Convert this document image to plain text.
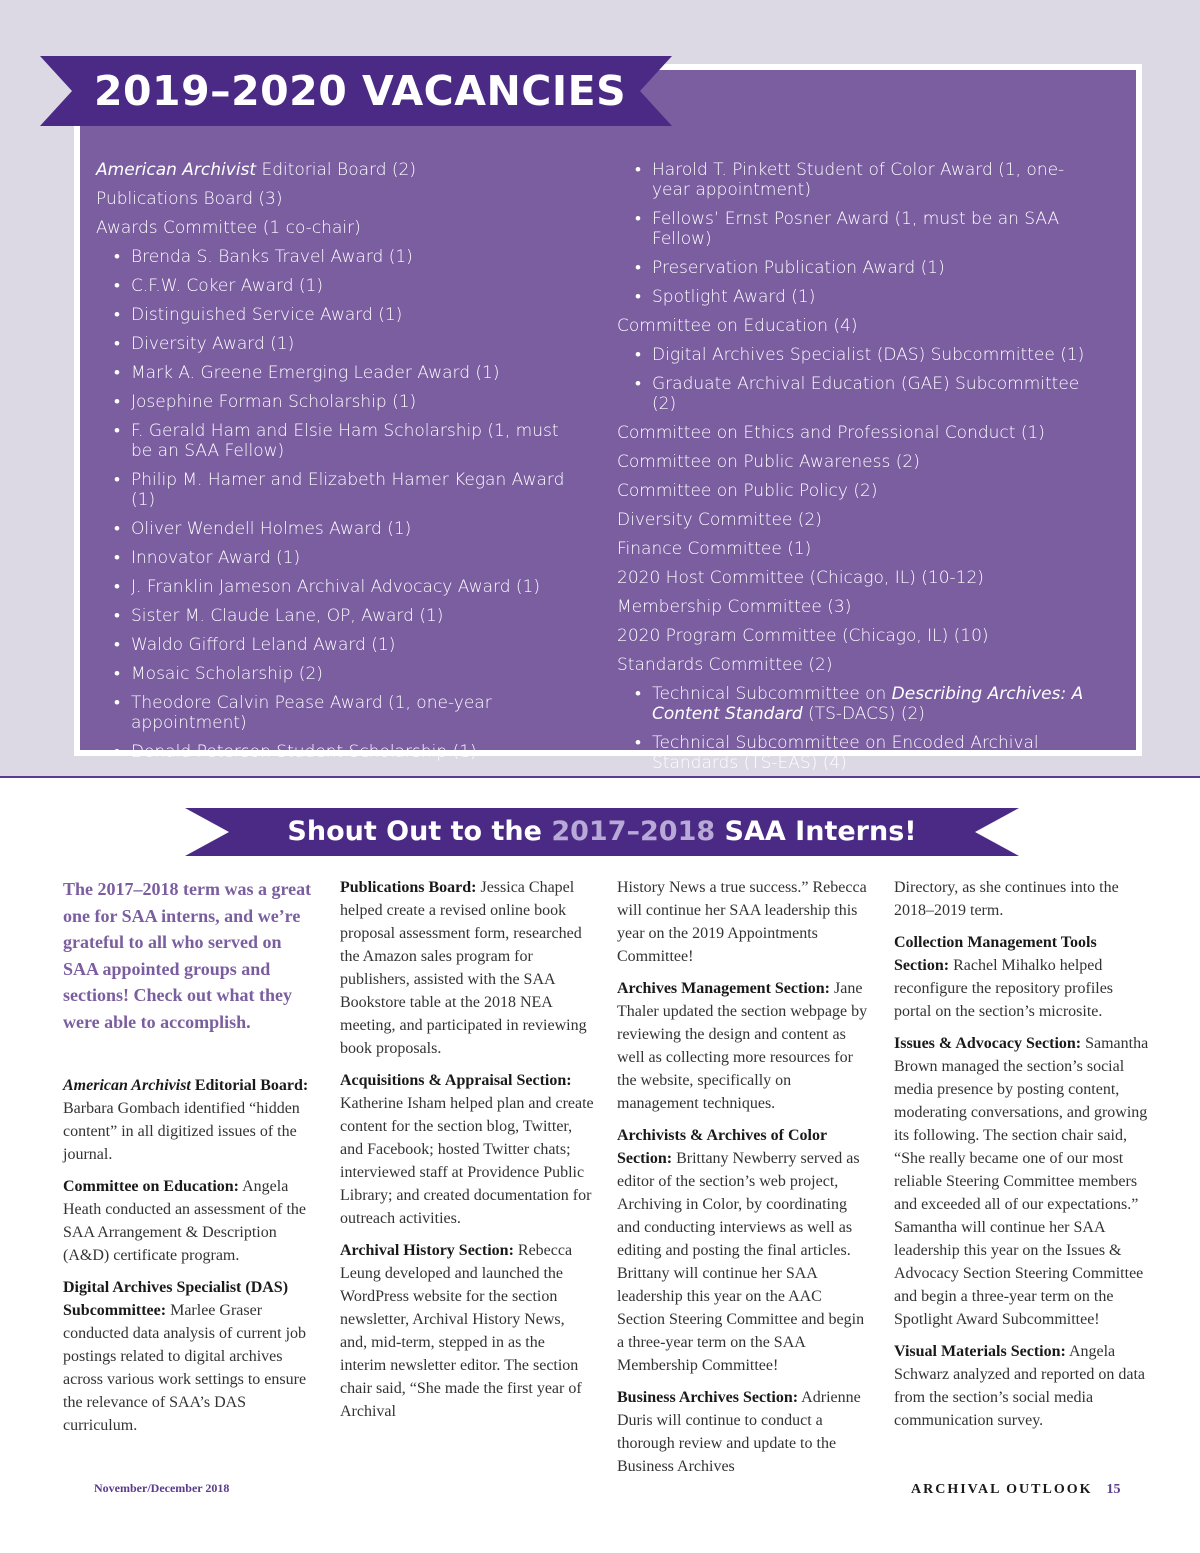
2019–2020 VACANCIES
American Archivist Editorial Board (2)
Publications Board (3)
Awards Committee (1 co-chair)
• Brenda S. Banks Travel Award (1)
• C.F.W. Coker Award (1)
• Distinguished Service Award (1)
• Diversity Award (1)
• Mark A. Greene Emerging Leader Award (1)
• Josephine Forman Scholarship (1)
• F. Gerald Ham and Elsie Ham Scholarship (1, must be an SAA Fellow)
• Philip M. Hamer and Elizabeth Hamer Kegan Award (1)
• Oliver Wendell Holmes Award (1)
• Innovator Award (1)
• J. Franklin Jameson Archival Advocacy Award (1)
• Sister M. Claude Lane, OP, Award (1)
• Waldo Gifford Leland Award (1)
• Mosaic Scholarship (2)
• Theodore Calvin Pease Award (1, one-year appointment)
• Donald Peterson Student Scholarship (1)
• Harold T. Pinkett Student of Color Award (1, one-year appointment)
• Fellows’ Ernst Posner Award (1, must be an SAA Fellow)
• Preservation Publication Award (1)
• Spotlight Award (1)
Committee on Education (4)
• Digital Archives Specialist (DAS) Subcommittee (1)
• Graduate Archival Education (GAE) Subcommittee (2)
Committee on Ethics and Professional Conduct (1)
Committee on Public Awareness (2)
Committee on Public Policy (2)
Diversity Committee (2)
Finance Committee (1)
2020 Host Committee (Chicago, IL) (10-12)
Membership Committee (3)
2020 Program Committee (Chicago, IL) (10)
Standards Committee (2)
• Technical Subcommittee on Describing Archives: A Content Standard (TS-DACS) (2)
• Technical Subcommittee on Encoded Archival Standards (TS-EAS) (4)
Shout Out to the 2017–2018 SAA Interns!

The 2017–2018 term was a great one for SAA interns, and we’re grateful to all who served on SAA appointed groups and sections! Check out what they were able to accomplish.

American Archivist Editorial Board: Barbara Gombach identified “hidden content” in all digitized issues of the journal.

Committee on Education: Angela Heath conducted an assessment of the SAA Arrangement & Description (A&D) certificate program.

Digital Archives Specialist (DAS) Subcommittee: Marlee Graser conducted data analysis of current job postings related to digital archives across various work settings to ensure the relevance of SAA’s DAS curriculum.

Publications Board: Jessica Chapel helped create a revised online book proposal assessment form, researched the Amazon sales program for publishers, assisted with the SAA Bookstore table at the 2018 NEA meeting, and participated in reviewing book proposals.

Acquisitions & Appraisal Section: Katherine Isham helped plan and create content for the section blog, Twitter, and Facebook; hosted Twitter chats; interviewed staff at Providence Public Library; and created documentation for outreach activities.

Archival History Section: Rebecca Leung developed and launched the WordPress website for the section newsletter, Archival History News, and, mid-term, stepped in as the interim newsletter editor. The section chair said, “She made the first year of Archival

History News a true success.” Rebecca will continue her SAA leadership this year on the 2019 Appointments Committee!

Archives Management Section: Jane Thaler updated the section webpage by reviewing the design and content as well as collecting more resources for the website, specifically on management techniques.

Archivists & Archives of Color Section: Brittany Newberry served as editor of the section’s web project, Archiving in Color, by coordinating and conducting interviews as well as editing and posting the final articles. Brittany will continue her SAA leadership this year on the AAC Section Steering Committee and begin a three-year term on the SAA Membership Committee!

Business Archives Section: Adrienne Duris will continue to conduct a thorough review and update to the Business Archives

Directory, as she continues into the 2018–2019 term.

Collection Management Tools Section: Rachel Mihalko helped reconfigure the repository profiles portal on the section’s microsite.

Issues & Advocacy Section: Samantha Brown managed the section’s social media presence by posting content, moderating conversations, and growing its following. The section chair said, “She really became one of our most reliable Steering Committee members and exceeded all of our expectations.” Samantha will continue her SAA leadership this year on the Issues & Advocacy Section Steering Committee and begin a three-year term on the Spotlight Award Subcommittee!

Visual Materials Section: Angela Schwarz analyzed and reported on data from the section’s social media communication survey.

November/December 2018	ARCHIVAL OUTLOOK 15
